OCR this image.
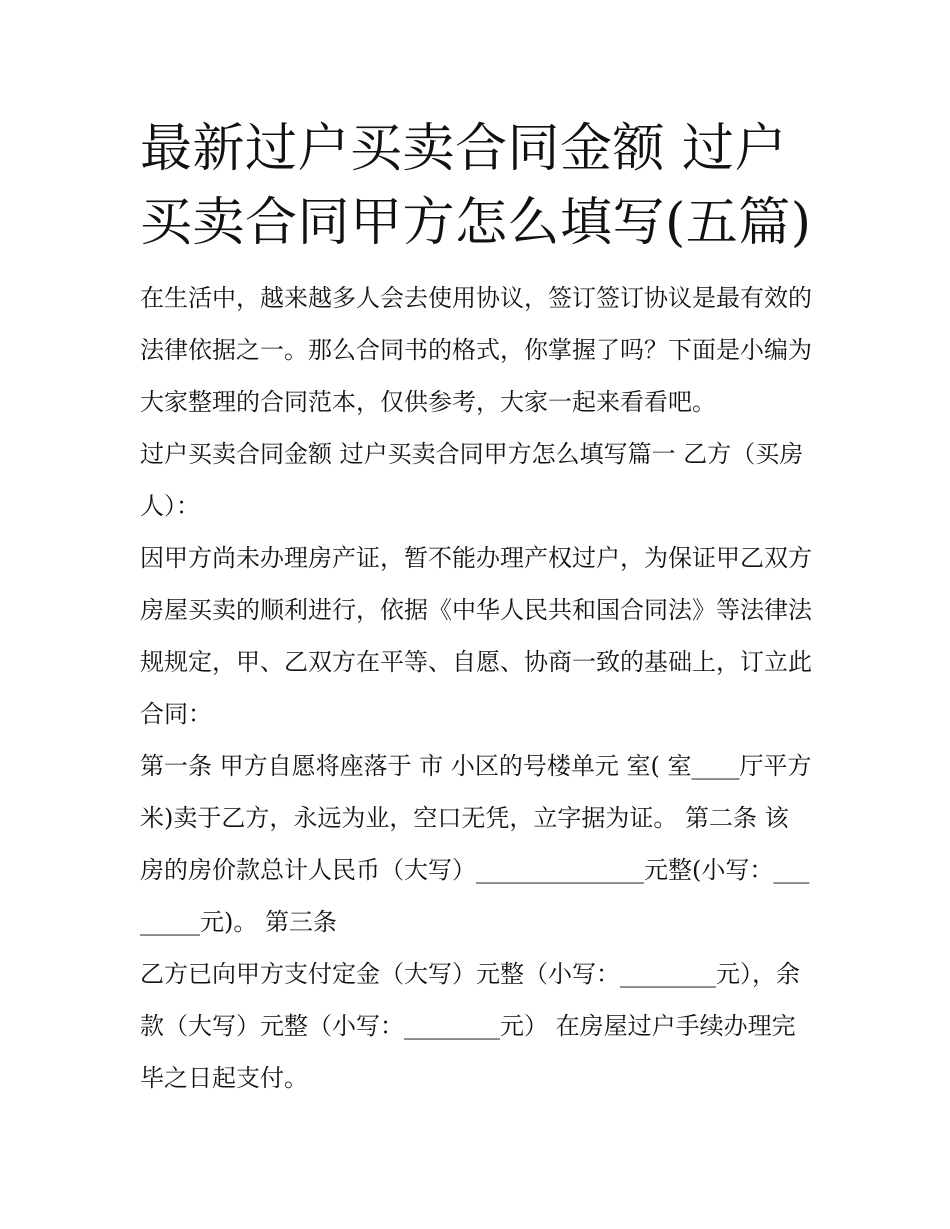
最新过户买卖合同金额 过户买卖合同甲方怎么填写(五篇)

在生活中，越来越多人会去使用协议，签订签订协议是最有效的法律依据之一。那么合同书的格式，你掌握了吗？下面是小编为大家整理的合同范本，仅供参考，大家一起来看看吧。

过户买卖合同金额 过户买卖合同甲方怎么填写篇一 乙方（买房人）：

因甲方尚未办理房产证，暂不能办理产权过户，为保证甲乙双方房屋买卖的顺利进行，依据《中华人民共和国合同法》等法律法规规定，甲、乙双方在平等、自愿、协商一致的基础上，订立此合同：

第一条 甲方自愿将座落于 市 小区的号楼单元 室( 室____厅平方米)卖于乙方，永远为业，空口无凭，立字据为证。 第二条 该房的房价款总计人民币（大写）______________元整(小写：________元)。 第三条

乙方已向甲方支付定金（大写）元整（小写：________元），余款（大写）元整（小写：________元） 在房屋过户手续办理完毕之日起支付。
